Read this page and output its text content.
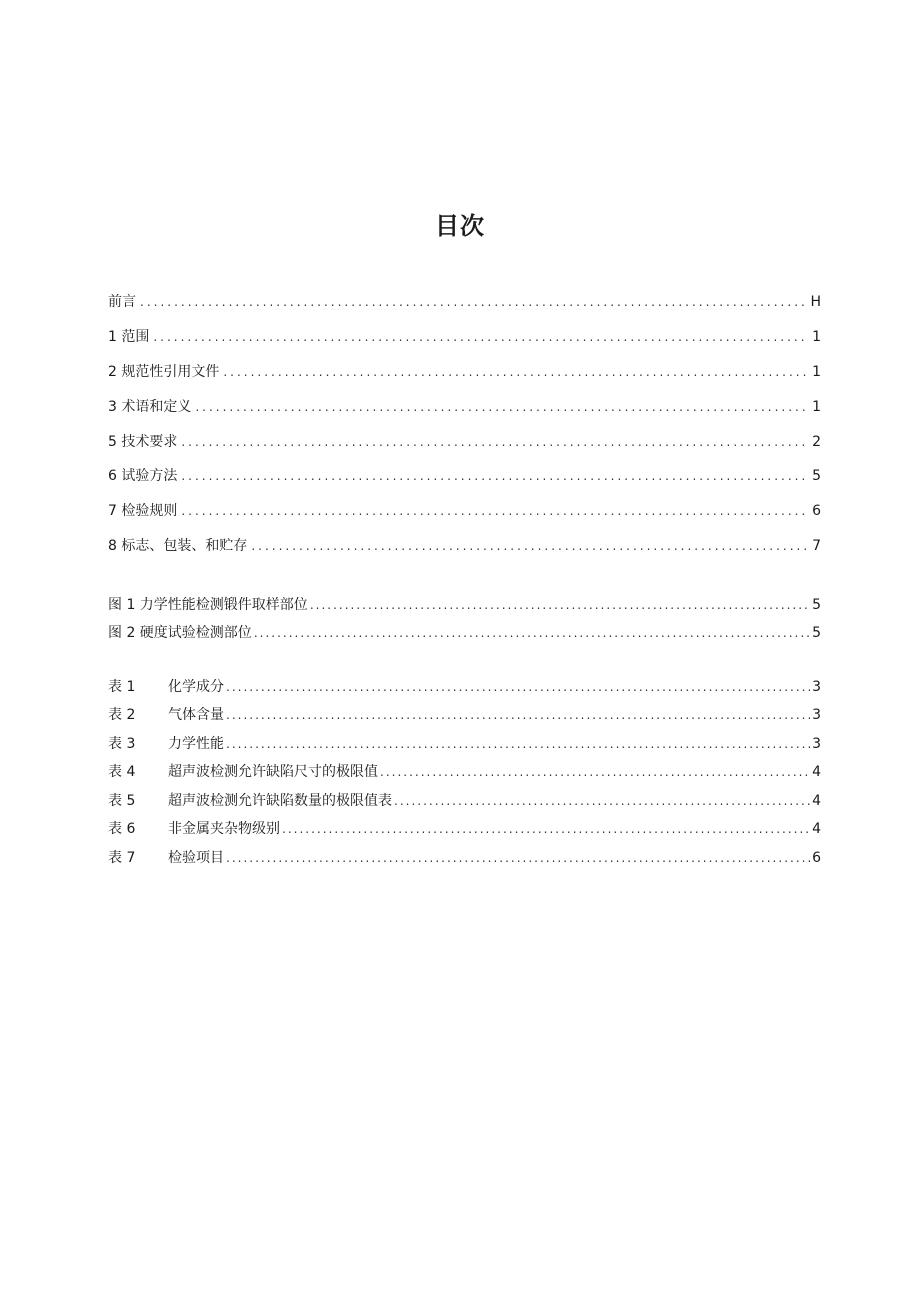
目次
前言 .....	H
1 范围 .....	1
2 规范性引用文件 .....	1
3 术语和定义 .....	1
5 技术要求 .....	2
6 试验方法 .....	5
7 检验规则 .....	6
8 标志、包装、和贮存 .....	7
图 1 力学性能检测锻件取样部位 .....	5
图 2 硬度试验检测部位 .....	5
表 1 化学成分 .....	3
表 2 气体含量 .....	3
表 3 力学性能 .....	3
表 4 超声波检测允许缺陷尺寸的极限值 .....	4
表 5 超声波检测允许缺陷数量的极限值表 .....	4
表 6 非金属夹杂物级别 .....	4
表 7 检验项目 .....	6
